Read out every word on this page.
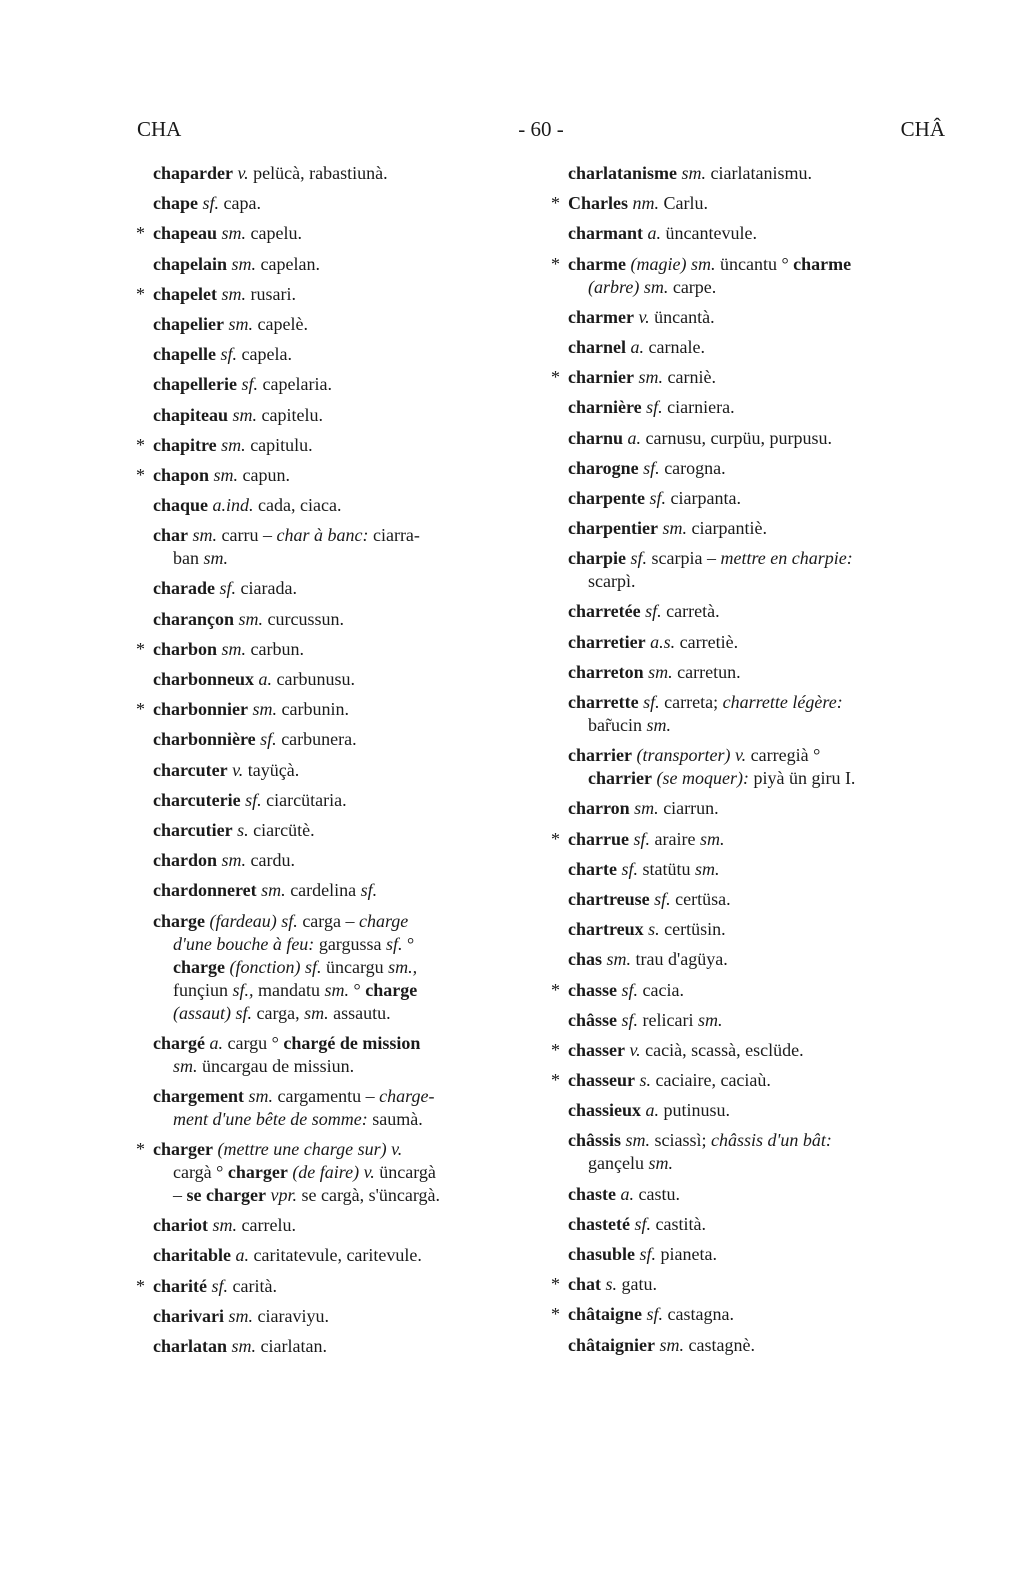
CHA	- 60 -	CHÂ
chaparder v. pelücà, rabastiunà.
chape sf. capa.
* chapeau sm. capelu.
chapelain sm. capelan.
* chapelet sm. rusari.
chapelier sm. capelè.
chapelle sf. capela.
chapellerie sf. capelaria.
chapiteau sm. capitelu.
* chapitre sm. capitulu.
* chapon sm. capun.
chaque a.ind. cada, ciaca.
char sm. carru – char à banc: ciarra-
ban sm.
charade sf. ciarada.
charançon sm. curcussun.
* charbon sm. carbun.
charbonneux a. carbunusu.
* charbonnier sm. carbunin.
charbonnière sf. carbunera.
charcuter v. tayüçà.
charcuterie sf. ciarcütaria.
charcutier s. ciarcütè.
chardon sm. cardu.
chardonneret sm. cardelina sf.
charge (fardeau) sf. carga – charge
d'une bouche à feu: gargussa sf. °
charge (fonction) sf. üncargu sm.,
funçiun sf., mandatu sm. ° charge
(assaut) sf. carga, sm. assautu.
chargé a. cargu ° chargé de mission
sm. üncargau de missiun.
chargement sm. cargamentu – charge-
ment d'une bête de somme: saumà.
* charger (mettre une charge sur) v.
cargà ° charger (de faire) v. üncargà
– se charger vpr. se cargà, s'üncargà.
chariot sm. carrelu.
charitable a. caritatevule, caritevule.
* charité sf. carità.
charivari sm. ciaraviyu.
charlatan sm. ciarlatan.
charlatanisme sm. ciarlatanismu.
* Charles nm. Carlu.
charmant a. üncantevule.
* charme (magie) sm. üncantu ° charme
(arbre) sm. carpe.
charmer v. üncantà.
charnel a. carnale.
* charnier sm. carniè.
charnière sf. ciarniera.
charnu a. carnusu, curpüu, purpusu.
charogne sf. carogna.
charpente sf. ciarpanta.
charpentier sm. ciarpantiè.
charpie sf. scarpia – mettre en charpie:
scarpì.
charretée sf. carretà.
charretier a.s. carretiè.
charreton sm. carretun.
charrette sf. carreta; charrette légère:
bar̃ucin sm.
charrier (transporter) v. carregià °
charrier (se moquer): piyà ün giru I.
charron sm. ciarrun.
* charrue sf. araire sm.
charte sf. statütu sm.
chartreuse sf. certüsa.
chartreux s. certüsin.
chas sm. trau d'agüya.
* chasse sf. cacia.
châsse sf. relicari sm.
* chasser v. cacià, scassà, esclüde.
* chasseur s. caciaire, caciaù.
chassieux a. putinusu.
châssis sm. sciassì; châssis d'un bât:
gançelu sm.
chaste a. castu.
chasteté sf. castità.
chasuble sf. pianeta.
* chat s. gatu.
* châtaigne sf. castagna.
châtaignier sm. castagnè.
